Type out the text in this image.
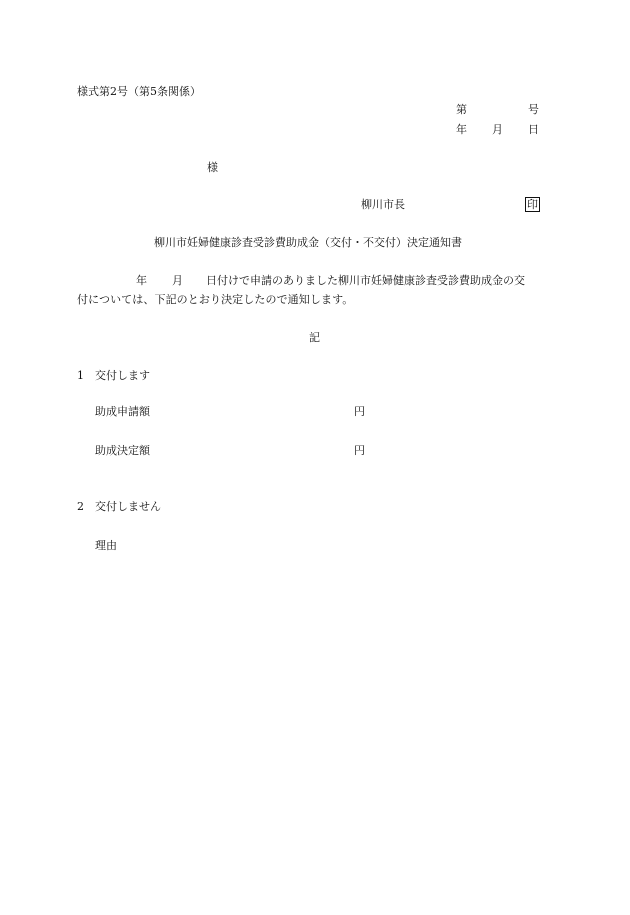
様式第2号（第5条関係）
第	号
年 月 日
様
柳川市長	印
柳川市妊婦健康診査受診費助成金（交付・不交付）決定通知書
年 月 日付けで申請のありました柳川市妊婦健康診査受診費助成金の交
付については、下記のとおり決定したので通知します。
記
1 交付します
助成申請額	円
助成決定額	円
2 交付しません
理由
